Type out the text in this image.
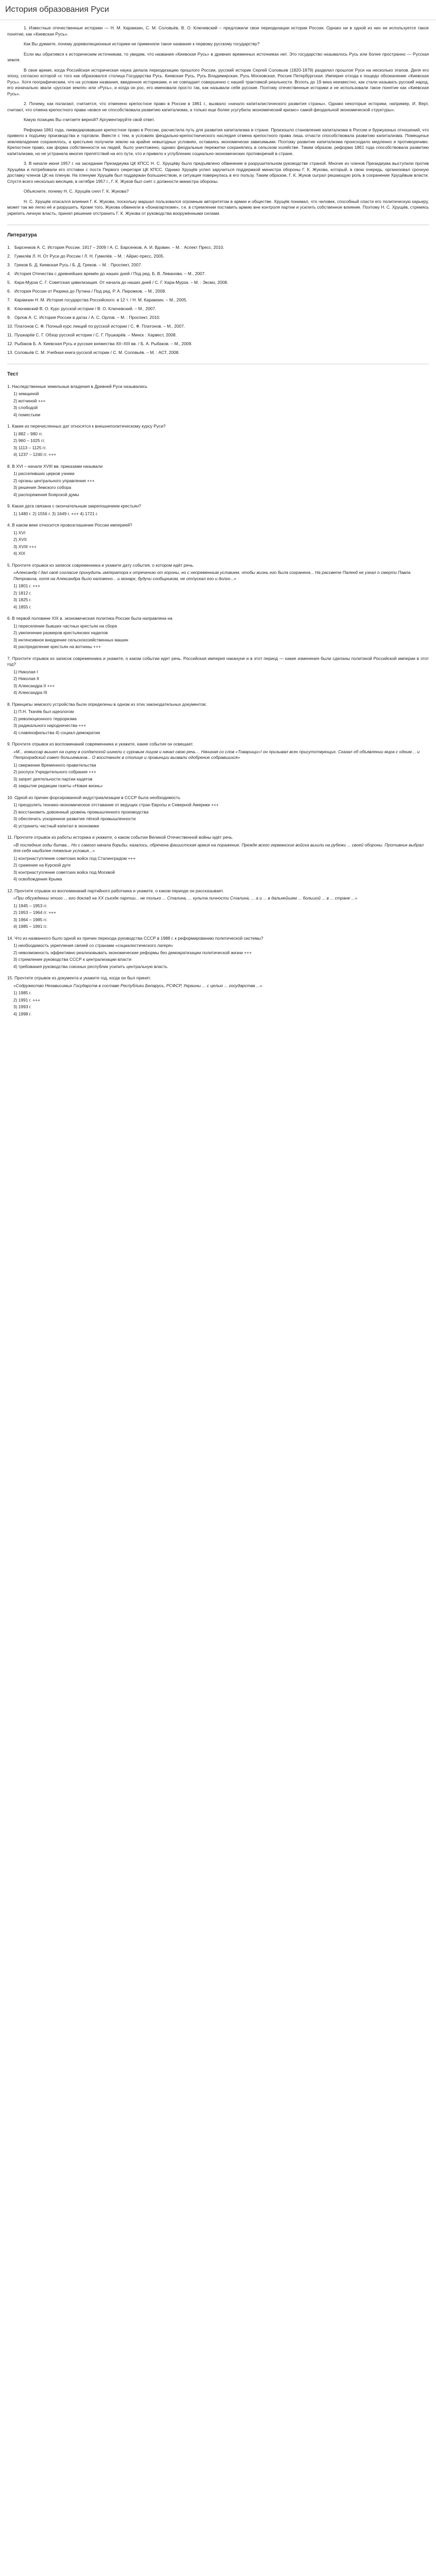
История образования Руси

1. Известные отечественные историки — Н. М. Карамзин, С. М. Соловьёв, В. О. Ключевский – предложили свои периодизации истории России. Однако ни в одной из них не используется такое понятие, как «Киевская Русь».

Как Вы думаете, почему дореволюционные историки не применяли такое название к первому русскому государству?

Если мы обратимся к историческим источникам, то увидим, что названия «Киевская Русь» в древних временных источниках нет. Это государство называлось Русь или более пространно — Русская земля.

В свое время, когда Российская историческая наука делала периодизацию прошлого России, русский историк Сергей Соловьев (1820-1879) разделил прошлое Руси на несколько этапов. Деля его эпоху, согласно которой «с того как образовался столица Государства Русь. Киевская Русь, Русь Владимирская, Русь Московская, Россия Петербургская. Империя отхода к пощедо обозначение «Киевская Русь». Хотя географическим, что на условии названия, введенное историками, и не совпадает совершенно с нашей трактовкой реальности. Вплоть до 19 века неизвестно, как стали называть русский народ, его изначально звали «русская земля» или «Русь», и когда он рос, его именовали просто так, как называли себя русские. Поэтому отечественные историки и не использовали такое понятие как «Киевская Русь».

2. Почему, как полагают, считается, что отменено крепостное право в России в 1861 г., вызвало «начало капиталистического развития страны». Однако некоторые историки, например, И. Верт, считают, что отмена крепостного права «вовсе не способствовала развитию капитализма, а только еще более усугубила экономический кризис» самой феодальной экономической структуры».

Какую позицию Вы считаете верной? Аргументируйте свой ответ.

Реформа 1861 года, ликвидировавшая крепостное право в России, расчистила путь для развития капитализма в стране. Произошло становление капитализма в России и буржуазных отношений, что привело к подъему производства и торговли. Вместе с тем, в условиях феодально-крепостнического наследия отмена крепостного права лишь отчасти способствовала развитию капитализма. Помещичье землевладение сохранялось, а крестьяне получили землю на крайне невыгодных условиях, оставаясь экономически зависимыми. Поэтому развитие капитализма происходило медленно и противоречиво. Крепостное право, как форма собственности на людей, было уничтожено, однако феодальные пережитки сохранялись в сельском хозяйстве. Таким образом, реформа 1861 года способствовала развитию капитализма, но не устранила многих препятствий на его пути, что и привело к углублению социально-экономических противоречий в стране.

3. В начале июня 1957 г. на заседании Президиума ЦК КПСС Н. С. Хрущёву было предъявлено обвинение в разрушительном руководстве страной. Многие из членов Президиума выступили против Хрущёва и потребовали его отставки с поста Первого секретаря ЦК КПСС. Однако Хрущёв успел заручиться поддержкой министра обороны Г. К. Жукова, который, в свою очередь, организовал срочную доставку членов ЦК на пленум. На пленуме Хрущёв был поддержан большинством, и ситуация повернулась в его пользу. Таким образом, Г. К. Жуков сыграл решающую роль в сохранении Хрущёвым власти. Спустя всего несколько месяцев, в октябре 1957 г., Г. К. Жуков был снят с должности министра обороны.

Объясните, почему Н. С. Хрущёв снял Г. К. Жукова?

Н. С. Хрущёв опасался влияния Г. К. Жукова, поскольку маршал пользовался огромным авторитетом в армии и обществе. Хрущёв понимал, что человек, способный спасти его политическую карьеру, может так же легко её и разрушить. Кроме того, Жукова обвиняли в «бонапартизме», т.е. в стремлении поставить армию вне контроля партии и усилить собственное влияние. Поэтому Н. С. Хрущёв, стремясь укрепить личную власть, принял решение отстранить Г. К. Жукова от руководства вооружёнными силами.

Литература
1. Барсенков А. С. История России. 1917 – 2009 / А. С. Барсенков, А. И. Вдовин. – М. : Аспект Пресс, 2010.
2. Гумилёв Л. Н. От Руси до России / Л. Н. Гумилёв. – М. : Айрис-пресс, 2005.
3. Греков Б. Д. Киевская Русь / Б. Д. Греков. – М. : Проспект, 2007.
4. История Отечества с древнейших времён до наших дней / Под ред. Б. В. Леванова. – М., 2007.
5. Кара-Мурза С. Г. Советская цивилизация. От начала до наших дней / С. Г. Кара-Мурза. – М. : Эксмо, 2008.
6. История России от Рюрика до Путина / Под ред. Р. А. Пирожков. – М., 2008.
7. Карамзин Н. М. История государства Российского: в 12 т. / Н. М. Карамзин. – М., 2005.
8. Ключевский В. О. Курс русской истории / В. О. Ключевский. – М., 2007.
9. Орлов А. С. История России в датах / А. С. Орлов. – М. : Проспект, 2010.
10. Платонов С. Ф. Полный курс лекций по русской истории / С. Ф. Платонов. – М., 2007.
11. Пушкарёв С. Г. Обзор русской истории / С. Г. Пушкарёв. – Минск : Харвест, 2008.
12. Рыбаков Б. А. Киевская Русь и русские княжества XII–XIII вв. / Б. А. Рыбаков. – М., 2009.
13. Соловьёв С. М. Учебная книга русской истории / С. М. Соловьёв. – М. : АСТ, 2008.
Тест
1. Наследственные земельные владения в Древней Руси назывались
1) земщиной
2) вотчиной +++
3) слободой
4) поместьем
1. Какие из перечисленных дат относятся к внешнеполитическому курсу Руси?
1) 882 – 980 гг.
2) 960 – 1025 гг.
3) 1113 – 1125 гг.
4) 1237 – 1240 гг. +++
8. В XVI – начале XVIII вв. приказами называли
1) расселивших церков узники
2) органы центрального управления +++
3) решения Земского собора
4) распоряжения Боярской думы
9. Какая дата связана с окончательным закрепощением крестьян?
1) 1480 г. 2) 1556 г. 3) 1649 г. +++ 4) 1721 г.
4. В каком веке относится провозглашение России империей?
1) XVI
2) XVII
3) XVIII +++
4) XIX
5. Прочтите отрывок из записок современника и укажите дату события, о котором идёт речь.
«Александр I дал своё согласие принудить императора к отречению от короны, но с непременным условием, чтобы жизнь его была сохранена... На рассвете Паленд не узнал о смерти Павла Петровича, хотя на Александра было наложено... и монарх, будучи сообщником, не отпускал его и долго...»
1) 1801 г. +++
2) 1812 г.
3) 1825 г.
4) 1855 г.
6. В первой половине XIX в. экономическая политика России была направлена на
1) переселение бывших частных крестьян на сборе
2) увеличение размеров крестьянских наделов
3) интенсивное внедрение сельскохозяйственных машин
4) распределение крестьян на вотчины +++
7. Прочтите отрывок из записок современника и укажите, о каком событии идет речь. Российская империя накануне и в этот период — какие изменения были сделаны политикой Российской империи в этот год?
1) Николая I
2) Николая II
3) Александра II +++
4) Александра III
8. Принципы земского устройства были определены в одном из этих законодательных документов:
1) П.Н. Ткачёв был идеологом
2) революционного терроризма
3) радикального народничества +++
4) славянофильства 4) социал-демократии
9. Прочтите отрывок из воспоминаний современника и укажите, какие события он освещает.
«М... комиссар вышел на сцену в солдатской шинели с суровым лицом и начал свою речь… Начиная со слов «Товарищи»! он призывал всех присутствующих. Сказал об объявлении мира с одним… и Петроградский совет большевиков... О восстаниях в столице и провинции вызвали одобрение собравшихся»
1) свержение Временного правительства
2) роспуск Учредительного собрания +++
3) запрет деятельности партии кадетов
4) закрытие редакции газеты «Новая жизнь»
10. Одной из причин форсированной индустриализации в СССР была необходимость
1) преодолеть технико-экономическое отставание от ведущих стран Европы и Северной Америки +++
2) восстановить довоенный уровень промышленного производства
3) обеспечить ускоренное развитие лёгкой промышленности
4) устранить частный капитал в экономике
11. Прочтите отрывок из работы историка и укажите, о каком событии Великой Отечественной войны идёт речь.
«В последние годы битва... Но с самого начала борьбы, казалось, обречена фашистская армия на поражение. Прежде всего германские войска вышли на рубежи ... своей обороны. Противник выбрал для себя наиболее тяжелые условия...»
1) контрнаступление советских войск под Сталинградом +++
2) сражение на Курской дуге
3) контрнаступление советских войск под Москвой
4) освобождение Крыма
12. Прочтите отрывок из воспоминаний партийного работника и укажите, о каком периоде он рассказывает.
«При обсуждении этого ... его доклад на XX съезде партии... не только ... Сталина, ... культа личности Сталина, ... а и ... в дальнейшем ... большой ... в ... стране ...»
1) 1945 – 1953 гг.
2) 1953 – 1964 гг. +++
3) 1964 – 1985 гг.
4) 1985 – 1991 гг.
14. Что из названного было одной из причин перехода руководства СССР в 1988 г. к реформированию политической системы?
1) необходимость укрепления связей со странами «социалистического лагеря»
2) невозможность эффективно реализовывать экономические реформы без демократизации политической жизни +++
3) стремление руководства СССР к централизации власти
4) требования руководства союзных республик усилить центральную власть
15. Прочтите отрывок из документа и укажите год, когда он был принят.
«Содружество Независимых Государств в составе Республики Беларусь, РСФСР, Украины ... с целью ... государства ...»
1) 1985 г.
2) 1991 г. +++
3) 1993 г.
4) 1998 г.
